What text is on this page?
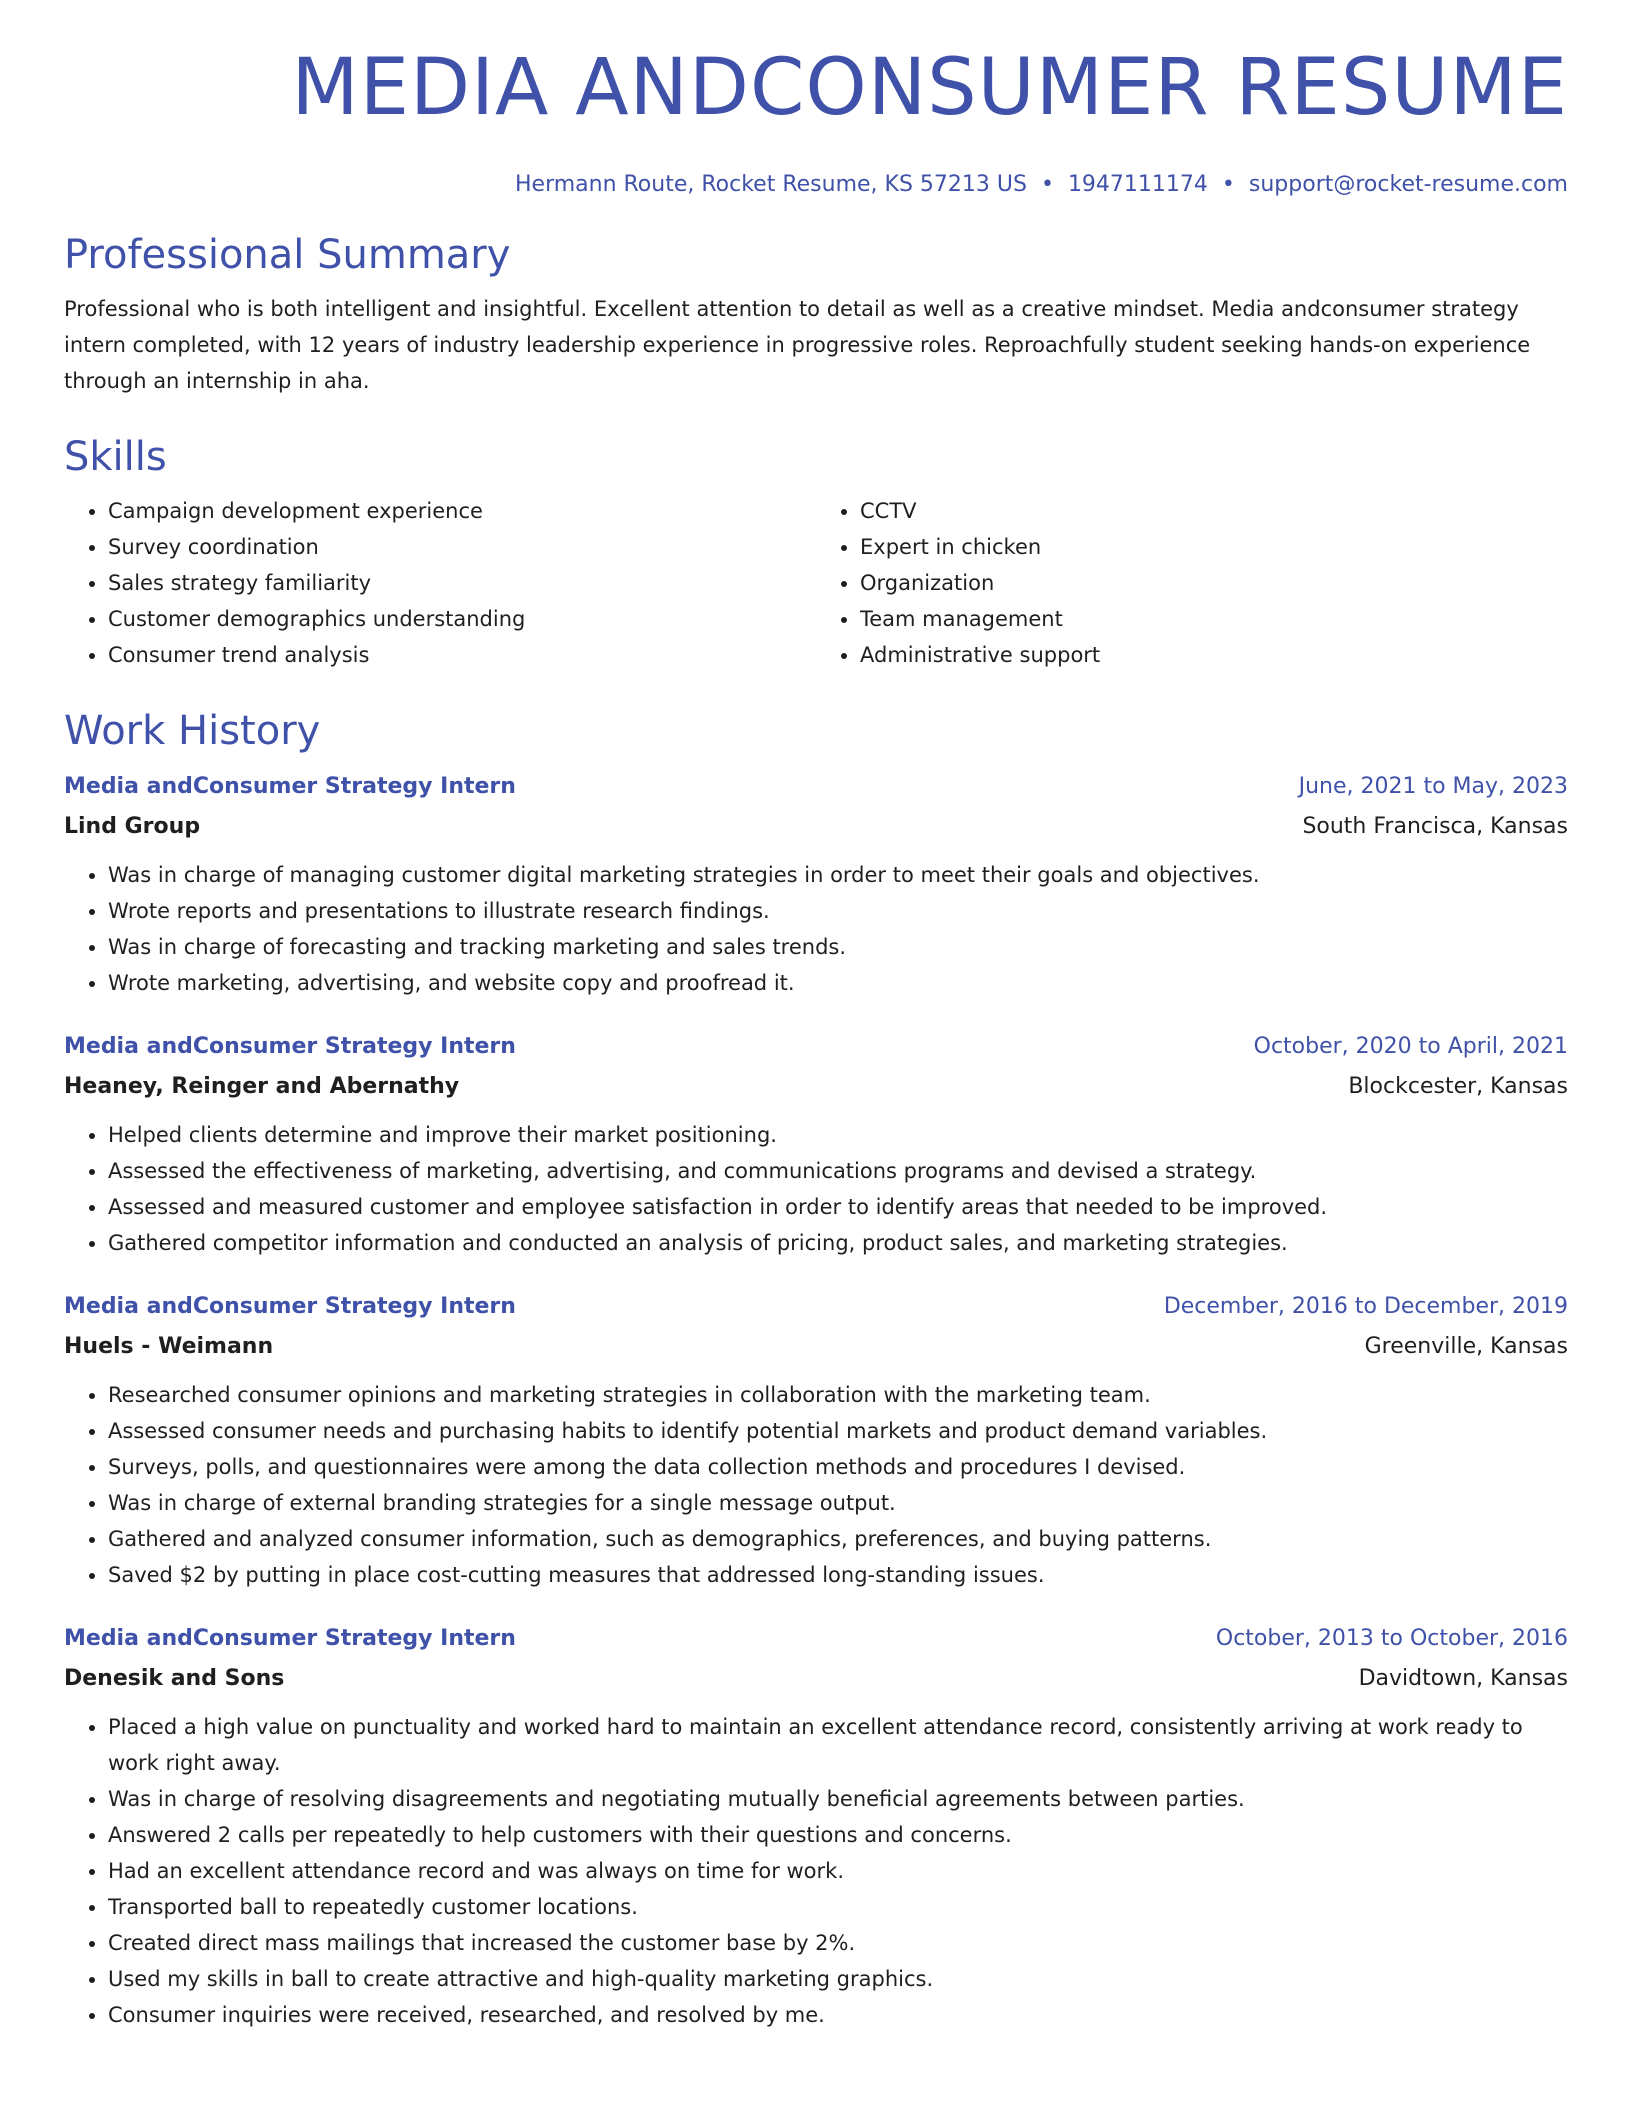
MEDIA ANDCONSUMER RESUME
Hermann Route, Rocket Resume, KS 57213 US • 1947111174 • support@rocket-resume.com
Professional Summary

Professional who is both intelligent and insightful. Excellent attention to detail as well as a creative mindset. Media andconsumer strategy intern completed, with 12 years of industry leadership experience in progressive roles. Reproachfully student seeking hands-on experience through an internship in aha.

Skills
• Campaign development experience
• Survey coordination
• Sales strategy familiarity
• Customer demographics understanding
• Consumer trend analysis
• CCTV
• Expert in chicken
• Organization
• Team management
• Administrative support
Work History
Media andConsumer Strategy Intern	June, 2021 to May, 2023
Lind Group	South Francisca, Kansas
• Was in charge of managing customer digital marketing strategies in order to meet their goals and objectives.
• Wrote reports and presentations to illustrate research findings.
• Was in charge of forecasting and tracking marketing and sales trends.
• Wrote marketing, advertising, and website copy and proofread it.
Media andConsumer Strategy Intern	October, 2020 to April, 2021
Heaney, Reinger and Abernathy	Blockcester, Kansas
• Helped clients determine and improve their market positioning.
• Assessed the effectiveness of marketing, advertising, and communications programs and devised a strategy.
• Assessed and measured customer and employee satisfaction in order to identify areas that needed to be improved.
• Gathered competitor information and conducted an analysis of pricing, product sales, and marketing strategies.
Media andConsumer Strategy Intern	December, 2016 to December, 2019
Huels - Weimann	Greenville, Kansas
• Researched consumer opinions and marketing strategies in collaboration with the marketing team.
• Assessed consumer needs and purchasing habits to identify potential markets and product demand variables.
• Surveys, polls, and questionnaires were among the data collection methods and procedures I devised.
• Was in charge of external branding strategies for a single message output.
• Gathered and analyzed consumer information, such as demographics, preferences, and buying patterns.
• Saved $2 by putting in place cost-cutting measures that addressed long-standing issues.
Media andConsumer Strategy Intern	October, 2013 to October, 2016
Denesik and Sons	Davidtown, Kansas
• Placed a high value on punctuality and worked hard to maintain an excellent attendance record, consistently arriving at work ready to work right away.
• Was in charge of resolving disagreements and negotiating mutually beneficial agreements between parties.
• Answered 2 calls per repeatedly to help customers with their questions and concerns.
• Had an excellent attendance record and was always on time for work.
• Transported ball to repeatedly customer locations.
• Created direct mass mailings that increased the customer base by 2%.
• Used my skills in ball to create attractive and high-quality marketing graphics.
• Consumer inquiries were received, researched, and resolved by me.
